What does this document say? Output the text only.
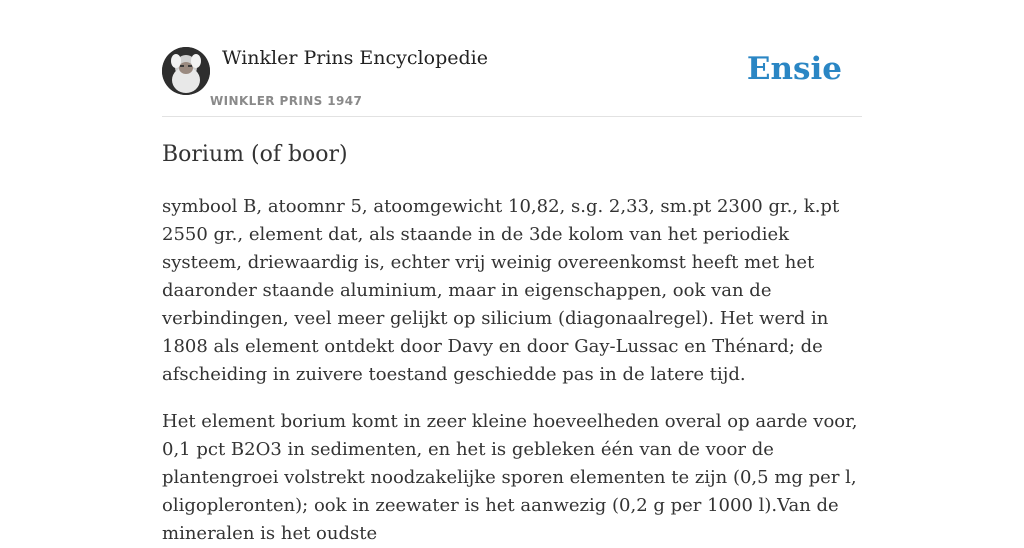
Winkler Prins Encyclopedie
WINKLER PRINS 1947
Ensie
Borium (of boor)

symbool B, atoomnr 5, atoomgewicht 10,82, s.g. 2,33, sm.pt 2300 gr., k.pt 2550 gr., element dat, als staande in de 3de kolom van het periodiek systeem, driewaardig is, echter vrij weinig overeenkomst heeft met het daaronder staande aluminium, maar in eigenschappen, ook van de verbindingen, veel meer gelijkt op silicium (diagonaalregel). Het werd in 1808 als element ontdekt door Davy en door Gay-Lussac en Thénard; de afscheiding in zuivere toestand geschiedde pas in de latere tijd.

Het element borium komt in zeer kleine hoeveelheden overal op aarde voor, 0,1 pct B2O3 in sedimenten, en het is gebleken één van de voor de plantengroei volstrekt noodzakelijke sporen elementen te zijn (0,5 mg per l, oligopleronten); ook in zeewater is het aanwezig (0,2 g per 1000 l).Van de mineralen is het oudste
